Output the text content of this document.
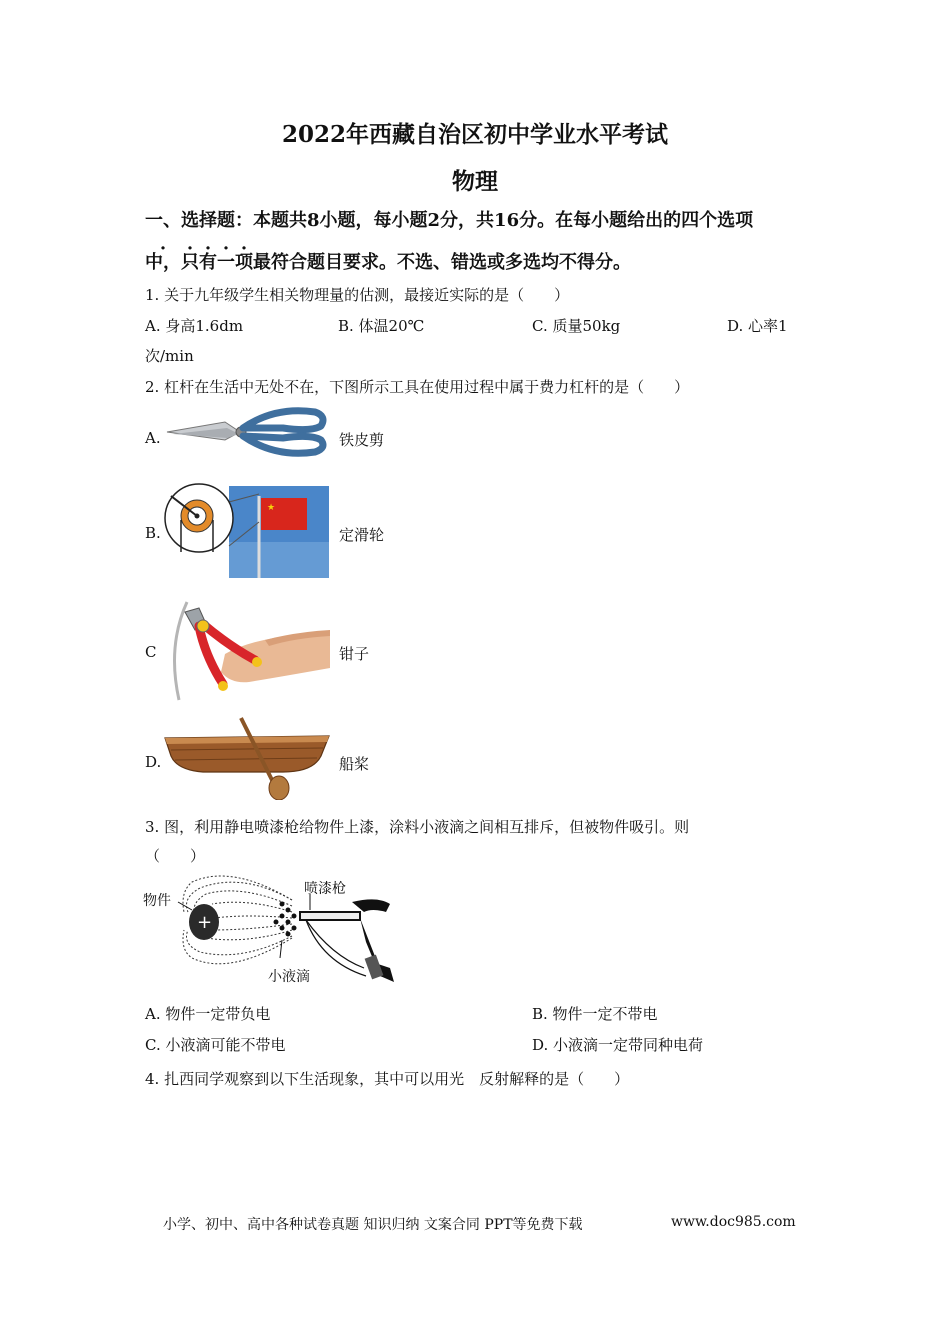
2022年西藏自治区初中学业水平考试
物理
一、选择题：本题共8小题，每小题2分，共16分。在每小题给出的四个选项
中， ·只有一项最符合题目要求。不选、错选或多选均不得分。
1. 关于九年级学生相关物理量的估测，最接近实际的是（　　）
A. 身高1.6dm	B. 体温20℃	C. 质量50kg	D. 心率1
次/min
2. 杠杆在生活中无处不在，下图所示工具在使用过程中属于费力杠杆的是（　　）
A.	铁皮剪
B.
★
定滑轮
C	钳子
D.	船桨
3. 图，利用静电喷漆枪给物件上漆，涂料小液滴之间相互排斥，但被物件吸引。则
（　　）
+
物件
喷漆枪
小液滴
A. 物件一定带负电	B. 物件一定不带电
C. 小液滴可能不带电	D. 小液滴一定带同种电荷
4. 扎西同学观察到以下生活现象，其中可以用光　反射解释的是（　　）
小学、初中、高中各种试卷真题 知识归纳 文案合同 PPT等免费下载	www.doc985.com
